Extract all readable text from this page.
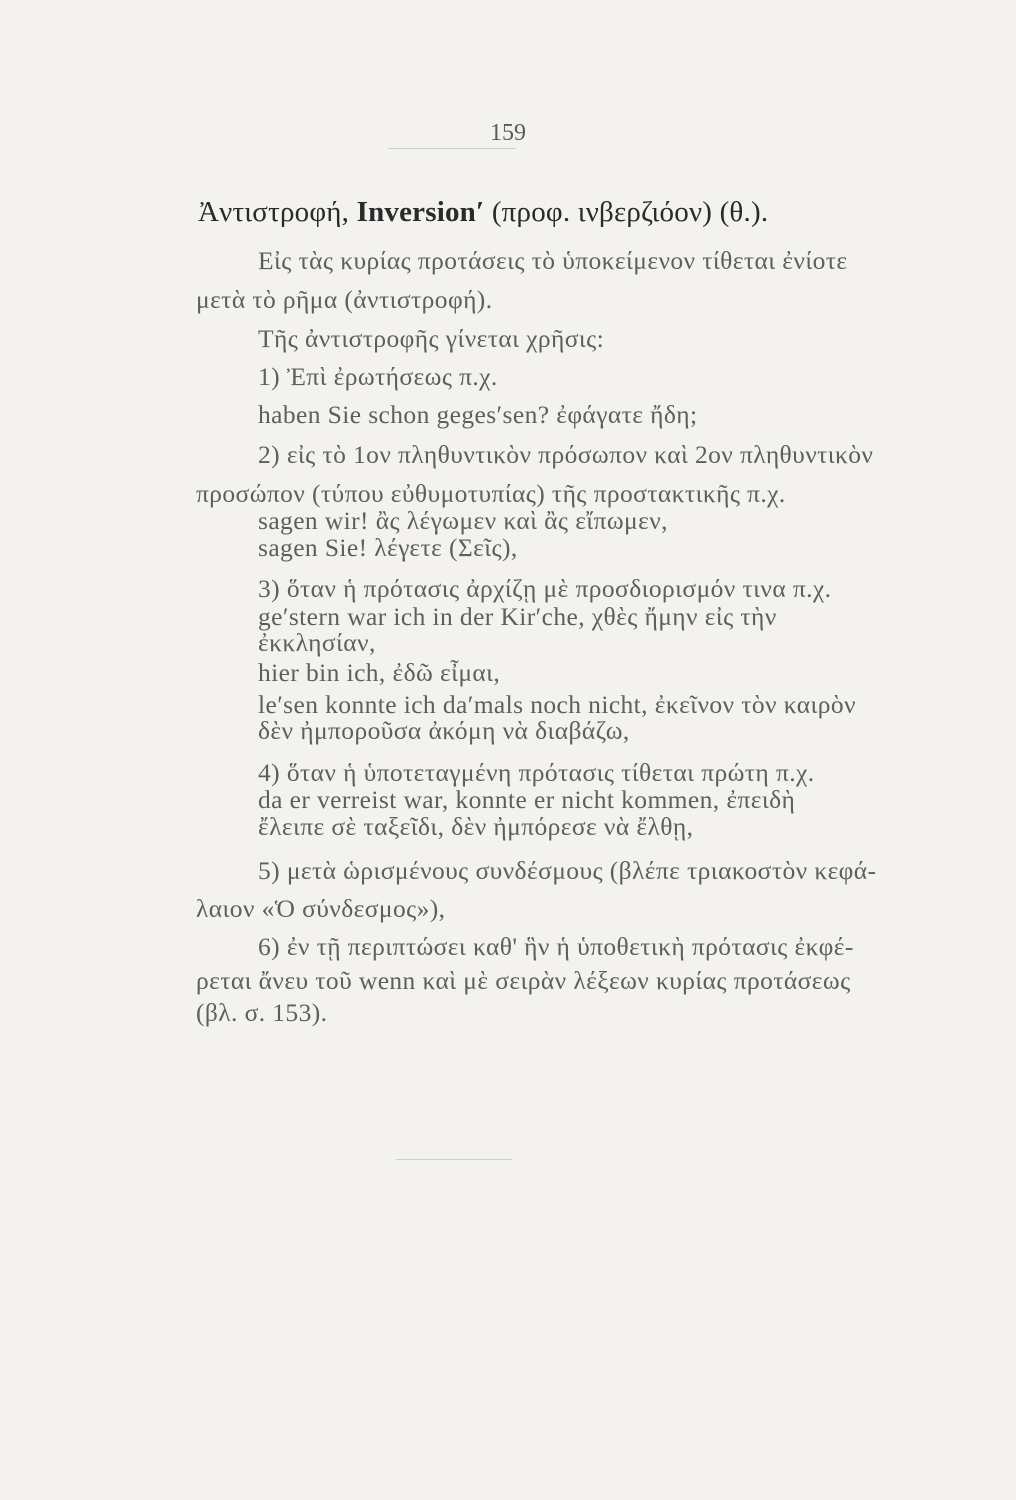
159
Ἀντιστροφή, Inversion′ (προφ. ινβερζιόον) (θ.).
Εἰς τὰς κυρίας προτάσεις τὸ ὑποκείμενον τίθεται ἐνίοτε
μετὰ τὸ ρῆμα (ἀντιστροφή).
Τῆς ἀντιστροφῆς γίνεται χρῆσις:
1) Ἐπὶ ἐρωτήσεως π.χ.
haben Sie schon geges′sen? ἐφάγατε ἤδη;
2) εἰς τὸ 1ον πληθυντικὸν πρόσωπον καὶ 2ον πληθυντικὸν
προσώπον (τύπου εὐθυμοτυπίας) τῆς προστακτικῆς π.χ.
sagen wir! ἂς λέγωμεν καὶ ἂς εἴπωμεν,
sagen Sie! λέγετε (Σεῖς),
3) ὅταν ἡ πρότασις ἀρχίζῃ μὲ προσδιορισμόν τινα π.χ.
ge′stern war ich in der Kir′che, χθὲς ἤμην εἰς τὴν
ἐκκλησίαν,
hier bin ich, ἐδῶ εἶμαι,
le′sen konnte ich da′mals noch nicht, ἐκεῖνον τὸν καιρὸν
δὲν ἠμποροῦσα ἀκόμη νὰ διαβάζω,
4) ὅταν ἡ ὑποτεταγμένη πρότασις τίθεται πρώτη π.χ.
da er verreist war, konnte er nicht kommen, ἐπειδὴ
ἔλειπε σὲ ταξεῖδι, δὲν ἠμπόρεσε νὰ ἔλθῃ,
5) μετὰ ὡρισμένους συνδέσμους (βλέπε τριακοστὸν κεφά-
λαιον «Ὁ σύνδεσμος»),
6) ἐν τῇ περιπτώσει καθ' ἣν ἡ ὑποθετικὴ πρότασις ἐκφέ-
ρεται ἄνευ τοῦ wenn καὶ μὲ σειρὰν λέξεων κυρίας προτάσεως
(βλ. σ. 153).
